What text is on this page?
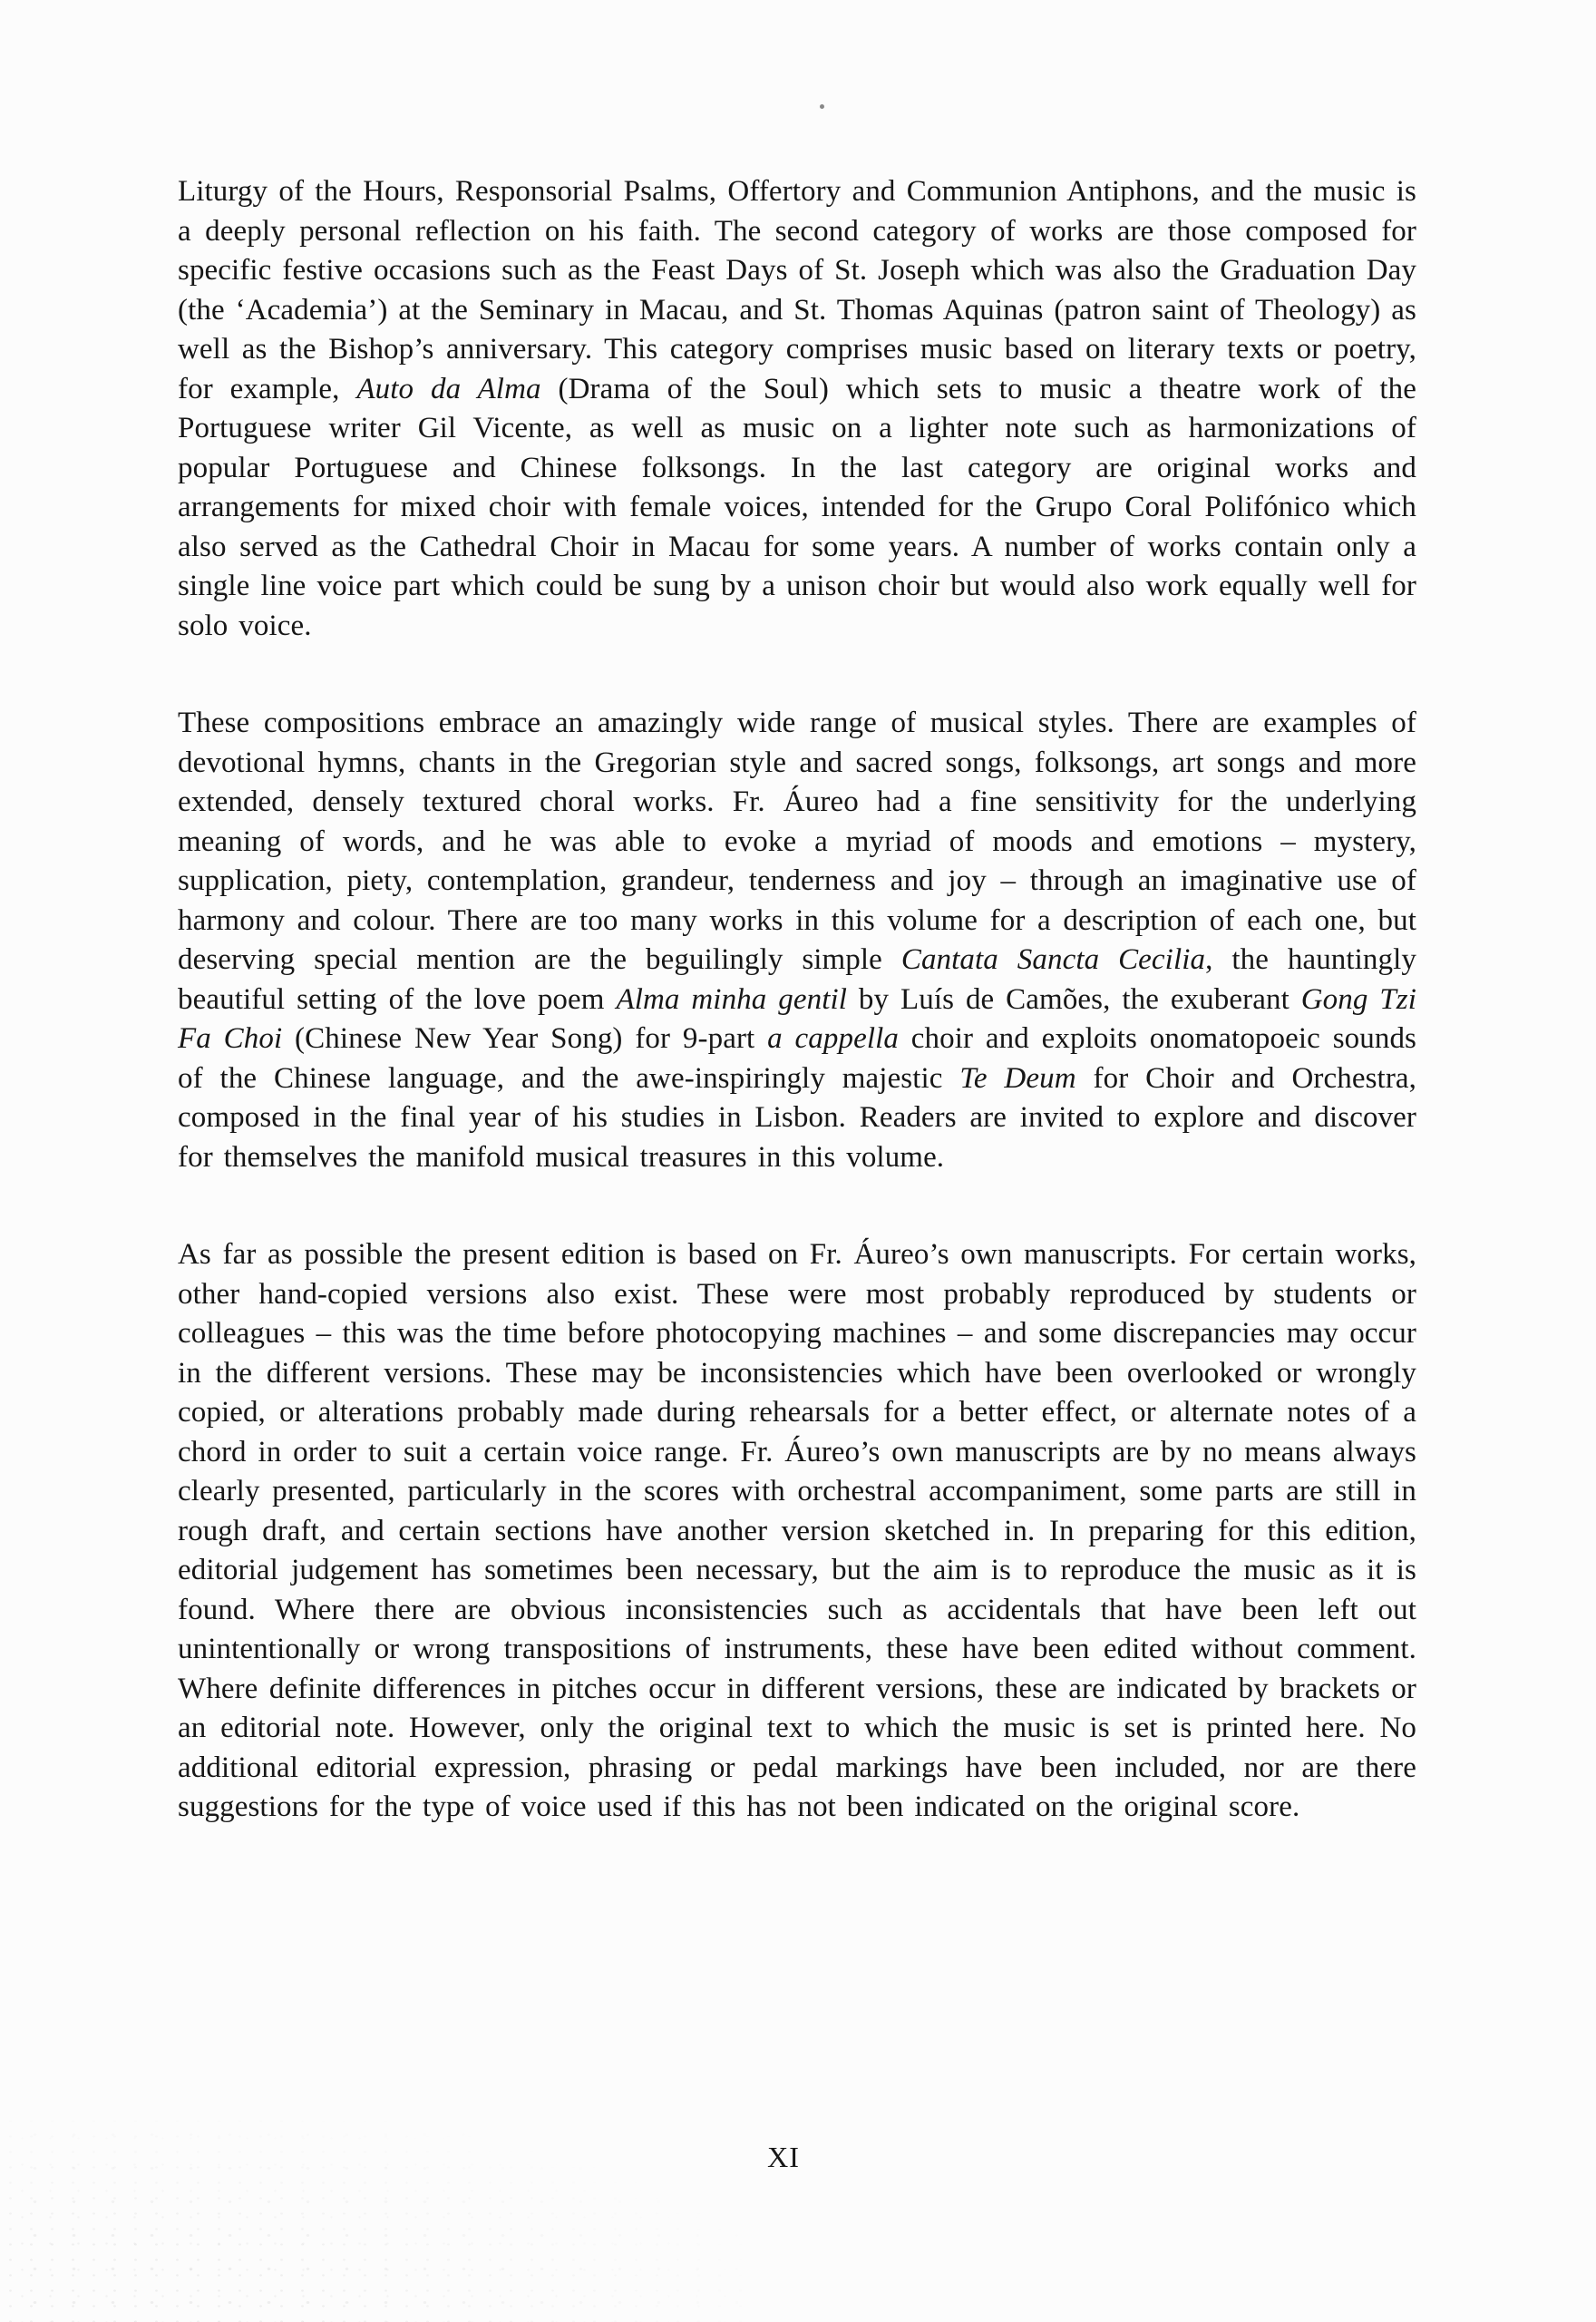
Liturgy of the Hours, Responsorial Psalms, Offertory and Communion Antiphons, and the music is a deeply personal reflection on his faith. The second category of works are those composed for specific festive occasions such as the Feast Days of St. Joseph which was also the Graduation Day (the ‘Academia’) at the Seminary in Macau, and St. Thomas Aquinas (patron saint of Theology) as well as the Bishop’s anniversary. This category comprises music based on literary texts or poetry, for example, Auto da Alma (Drama of the Soul) which sets to music a theatre work of the Portuguese writer Gil Vicente, as well as music on a lighter note such as harmonizations of popular Portuguese and Chinese folksongs. In the last category are original works and arrangements for mixed choir with female voices, intended for the Grupo Coral Polifónico which also served as the Cathedral Choir in Macau for some years. A number of works contain only a single line voice part which could be sung by a unison choir but would also work equally well for solo voice.

These compositions embrace an amazingly wide range of musical styles. There are examples of devotional hymns, chants in the Gregorian style and sacred songs, folksongs, art songs and more extended, densely textured choral works. Fr. Áureo had a fine sensitivity for the underlying meaning of words, and he was able to evoke a myriad of moods and emotions – mystery, supplication, piety, contemplation, grandeur, tenderness and joy – through an imaginative use of harmony and colour. There are too many works in this volume for a description of each one, but deserving special mention are the beguilingly simple Cantata Sancta Cecilia, the hauntingly beautiful setting of the love poem Alma minha gentil by Luís de Camões, the exuberant Gong Tzi Fa Choi (Chinese New Year Song) for 9-part a cappella choir and exploits onomatopoeic sounds of the Chinese language, and the awe-inspiringly majestic Te Deum for Choir and Orchestra, composed in the final year of his studies in Lisbon. Readers are invited to explore and discover for themselves the manifold musical treasures in this volume.

As far as possible the present edition is based on Fr. Áureo’s own manuscripts. For certain works, other hand-copied versions also exist. These were most probably reproduced by students or colleagues – this was the time before photocopying machines – and some discrepancies may occur in the different versions. These may be inconsistencies which have been overlooked or wrongly copied, or alterations probably made during rehearsals for a better effect, or alternate notes of a chord in order to suit a certain voice range. Fr. Áureo’s own manuscripts are by no means always clearly presented, particularly in the scores with orchestral accompaniment, some parts are still in rough draft, and certain sections have another version sketched in. In preparing for this edition, editorial judgement has sometimes been necessary, but the aim is to reproduce the music as it is found. Where there are obvious inconsistencies such as accidentals that have been left out unintentionally or wrong transpositions of instruments, these have been edited without comment. Where definite differences in pitches occur in different versions, these are indicated by brackets or an editorial note. However, only the original text to which the music is set is printed here. No additional editorial expression, phrasing or pedal markings have been included, nor are there suggestions for the type of voice used if this has not been indicated on the original score.

XI
